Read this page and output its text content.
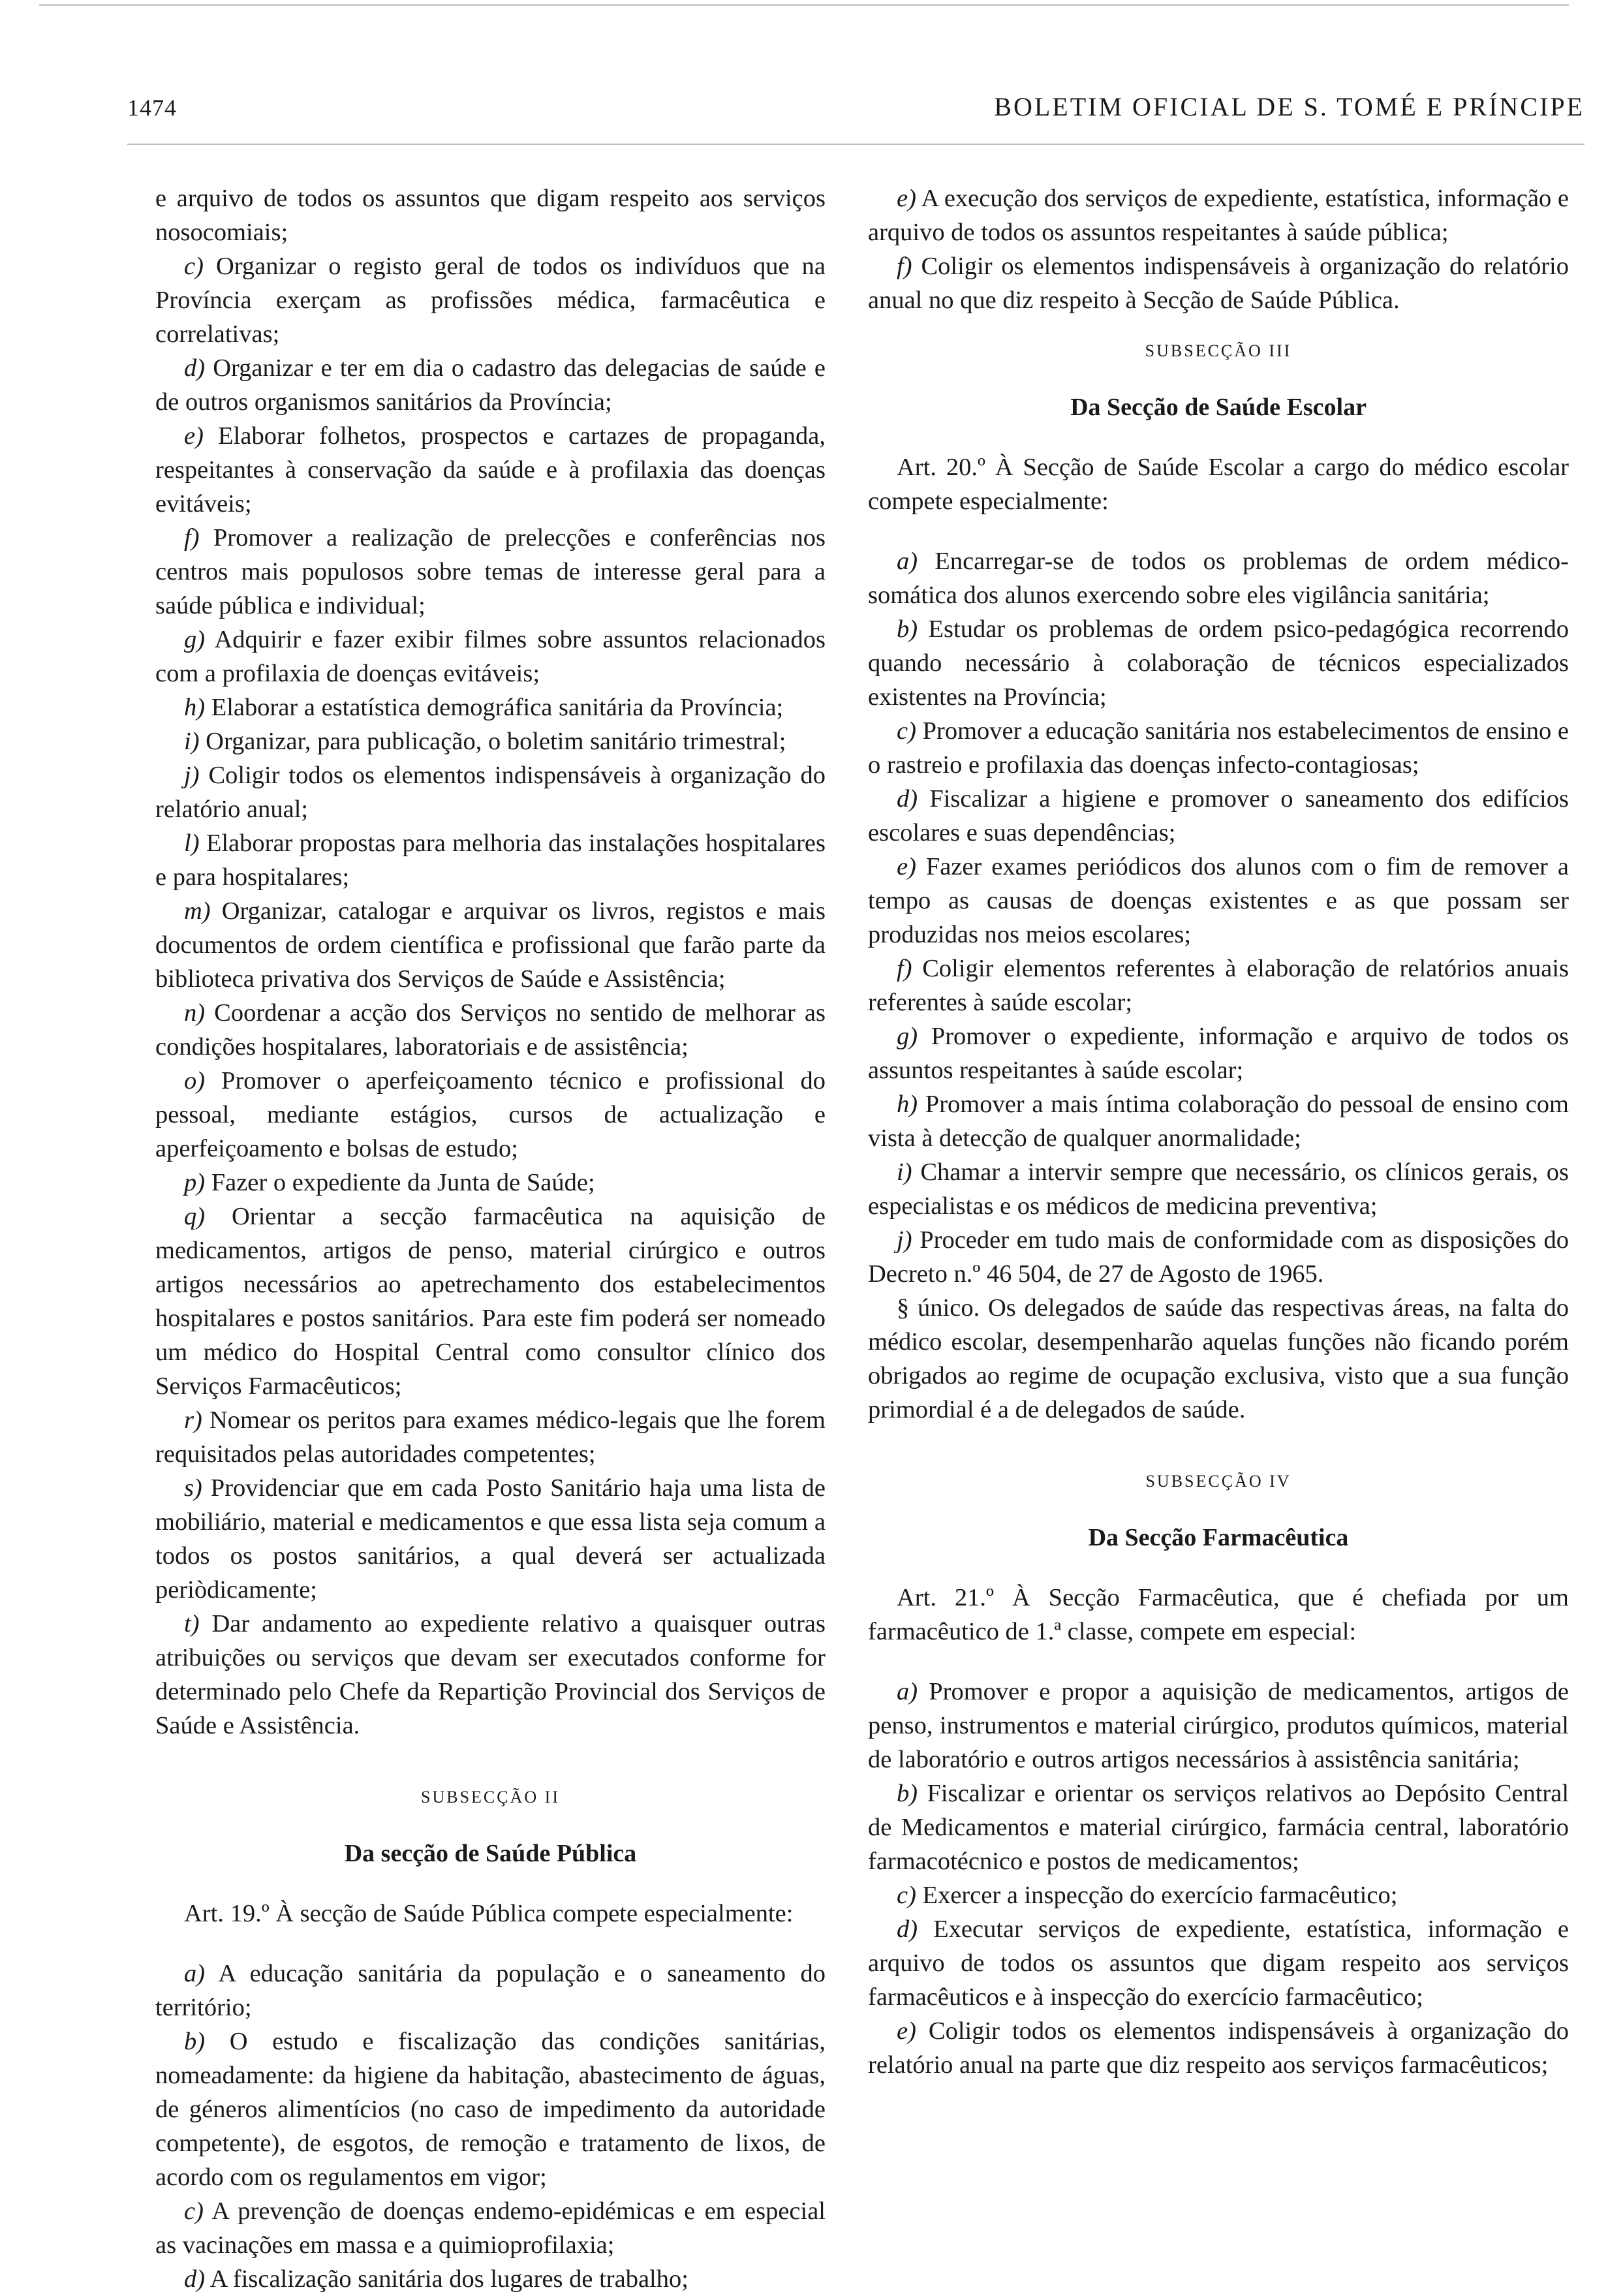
1474	BOLETIM OFICIAL DE S. TOMÉ E PRÍNCIPE

e arquivo de todos os assuntos que digam respeito aos serviços nosocomiais;

c) Organizar o registo geral de todos os indivíduos que na Província exerçam as profissões médica, farmacêutica e correlativas;

d) Organizar e ter em dia o cadastro das delegacias de saúde e de outros organismos sanitários da Província;

e) Elaborar folhetos, prospectos e cartazes de propaganda, respeitantes à conservação da saúde e à profilaxia das doenças evitáveis;

f) Promover a realização de prelecções e conferências nos centros mais populosos sobre temas de interesse geral para a saúde pública e individual;

g) Adquirir e fazer exibir filmes sobre assuntos relacionados com a profilaxia de doenças evitáveis;

h) Elaborar a estatística demográfica sanitária da Província;

i) Organizar, para publicação, o boletim sanitário trimestral;

j) Coligir todos os elementos indispensáveis à organização do relatório anual;

l) Elaborar propostas para melhoria das instalações hospitalares e para hospitalares;

m) Organizar, catalogar e arquivar os livros, registos e mais documentos de ordem científica e profissional que farão parte da biblioteca privativa dos Serviços de Saúde e Assistência;

n) Coordenar a acção dos Serviços no sentido de melhorar as condições hospitalares, laboratoriais e de assistência;

o) Promover o aperfeiçoamento técnico e profissional do pessoal, mediante estágios, cursos de actualização e aperfeiçoamento e bolsas de estudo;

p) Fazer o expediente da Junta de Saúde;

q) Orientar a secção farmacêutica na aquisição de medicamentos, artigos de penso, material cirúrgico e outros artigos necessários ao apetrechamento dos estabelecimentos hospitalares e postos sanitários. Para este fim poderá ser nomeado um médico do Hospital Central como consultor clínico dos Serviços Farmacêuticos;

r) Nomear os peritos para exames médico-legais que lhe forem requisitados pelas autoridades competentes;

s) Providenciar que em cada Posto Sanitário haja uma lista de mobiliário, material e medicamentos e que essa lista seja comum a todos os postos sanitários, a qual deverá ser actualizada periòdicamente;

t) Dar andamento ao expediente relativo a quaisquer outras atribuições ou serviços que devam ser executados conforme for determinado pelo Chefe da Repartição Provincial dos Serviços de Saúde e Assistência.

SUBSECÇÃO II
Da secção de Saúde Pública

Art. 19.º À secção de Saúde Pública compete especialmente:

a) A educação sanitária da população e o saneamento do território;

b) O estudo e fiscalização das condições sanitárias, nomeadamente: da higiene da habitação, abastecimento de águas, de géneros alimentícios (no caso de impedimento da autoridade competente), de esgotos, de remoção e tratamento de lixos, de acordo com os regulamentos em vigor;

c) A prevenção de doenças endemo-epidémicas e em especial as vacinações em massa e a quimioprofilaxia;

d) A fiscalização sanitária dos lugares de trabalho;

e) A execução dos serviços de expediente, estatística, informação e arquivo de todos os assuntos respeitantes à saúde pública;

f) Coligir os elementos indispensáveis à organização do relatório anual no que diz respeito à Secção de Saúde Pública.

SUBSECÇÃO III
Da Secção de Saúde Escolar

Art. 20.º À Secção de Saúde Escolar a cargo do médico escolar compete especialmente:

a) Encarregar-se de todos os problemas de ordem médico-somática dos alunos exercendo sobre eles vigilância sanitária;

b) Estudar os problemas de ordem psico-pedagógica recorrendo quando necessário à colaboração de técnicos especializados existentes na Província;

c) Promover a educação sanitária nos estabelecimentos de ensino e o rastreio e profilaxia das doenças infecto-contagiosas;

d) Fiscalizar a higiene e promover o saneamento dos edifícios escolares e suas dependências;

e) Fazer exames periódicos dos alunos com o fim de remover a tempo as causas de doenças existentes e as que possam ser produzidas nos meios escolares;

f) Coligir elementos referentes à elaboração de relatórios anuais referentes à saúde escolar;

g) Promover o expediente, informação e arquivo de todos os assuntos respeitantes à saúde escolar;

h) Promover a mais íntima colaboração do pessoal de ensino com vista à detecção de qualquer anormalidade;

i) Chamar a intervir sempre que necessário, os clínicos gerais, os especialistas e os médicos de medicina preventiva;

j) Proceder em tudo mais de conformidade com as disposições do Decreto n.º 46 504, de 27 de Agosto de 1965.

§ único. Os delegados de saúde das respectivas áreas, na falta do médico escolar, desempenharão aquelas funções não ficando porém obrigados ao regime de ocupação exclusiva, visto que a sua função primordial é a de delegados de saúde.

SUBSECÇÃO IV
Da Secção Farmacêutica

Art. 21.º À Secção Farmacêutica, que é chefiada por um farmacêutico de 1.ª classe, compete em especial:

a) Promover e propor a aquisição de medicamentos, artigos de penso, instrumentos e material cirúrgico, produtos químicos, material de laboratório e outros artigos necessários à assistência sanitária;

b) Fiscalizar e orientar os serviços relativos ao Depósito Central de Medicamentos e material cirúrgico, farmácia central, laboratório farmacotécnico e postos de medicamentos;

c) Exercer a inspecção do exercício farmacêutico;

d) Executar serviços de expediente, estatística, informação e arquivo de todos os assuntos que digam respeito aos serviços farmacêuticos e à inspecção do exercício farmacêutico;

e) Coligir todos os elementos indispensáveis à organização do relatório anual na parte que diz respeito aos serviços farmacêuticos;
